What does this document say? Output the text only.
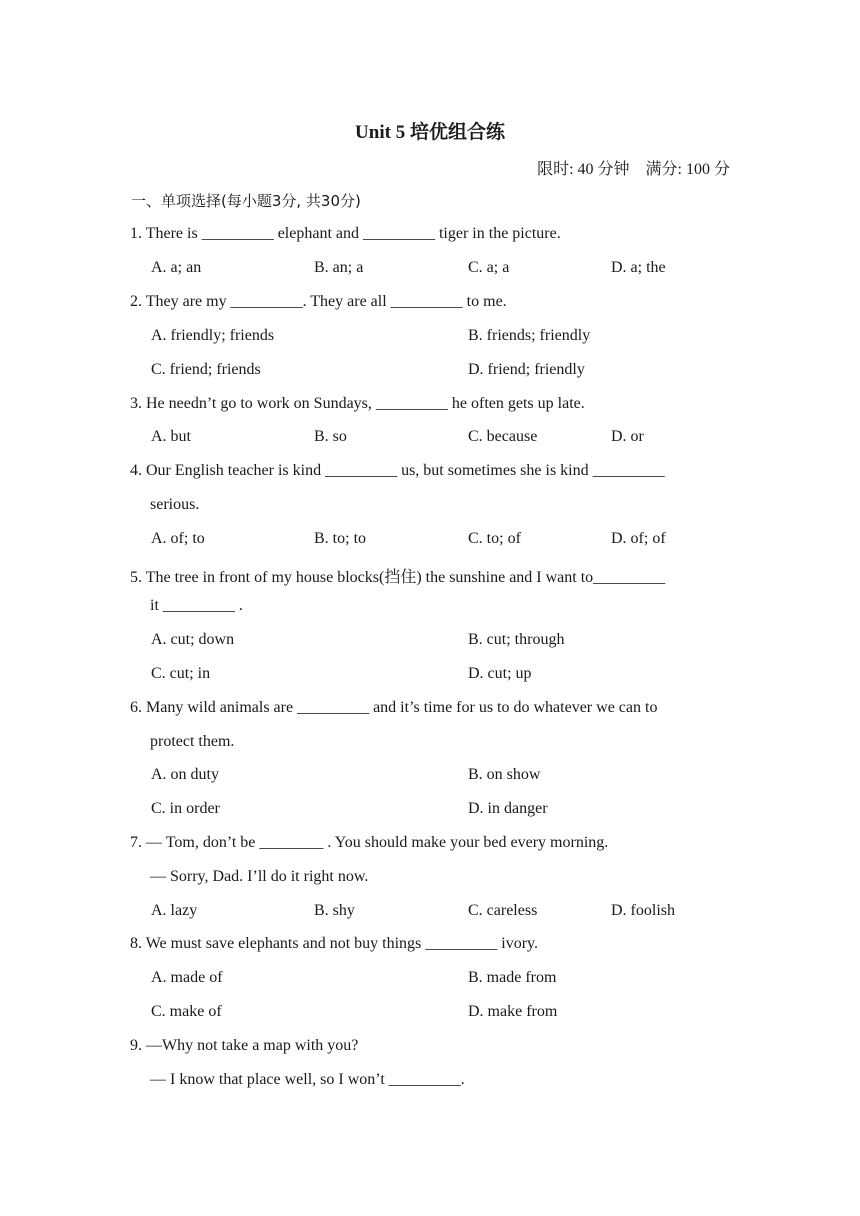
Unit 5 培优组合练
限时: 40 分钟    满分: 100 分
一、单项选择(每小题3分, 共30分)
1. There is _________ elephant and _________ tiger in the picture.
A. a; an	B. an; a	C. a; a	D. a; the
2. They are my _________. They are all _________ to me.
A. friendly; friends	B. friends; friendly
C. friend; friends	D. friend; friendly
3. He needn’t go to work on Sundays, _________ he often gets up late.
A. but	B. so	C. because	D. or
4. Our English teacher is kind _________ us, but sometimes she is kind _________
serious.
A. of; to	B. to; to	C. to; of	D. of; of
5. The tree in front of my house blocks(挡住) the sunshine and I want to_________
it _________ .
A. cut; down	B. cut; through
C. cut; in	D. cut; up
6. Many wild animals are _________ and it’s time for us to do whatever we can to
protect them.
A. on duty	B. on show
C. in order	D. in danger
7. — Tom, don’t be ________ . You should make your bed every morning.
— Sorry, Dad. I’ll do it right now.
A. lazy	B. shy	C. careless	D. foolish
8. We must save elephants and not buy things _________ ivory.
A. made of	B. made from
C. make of	D. make from
9. —Why not take a map with you?
— I know that place well, so I won’t _________.
